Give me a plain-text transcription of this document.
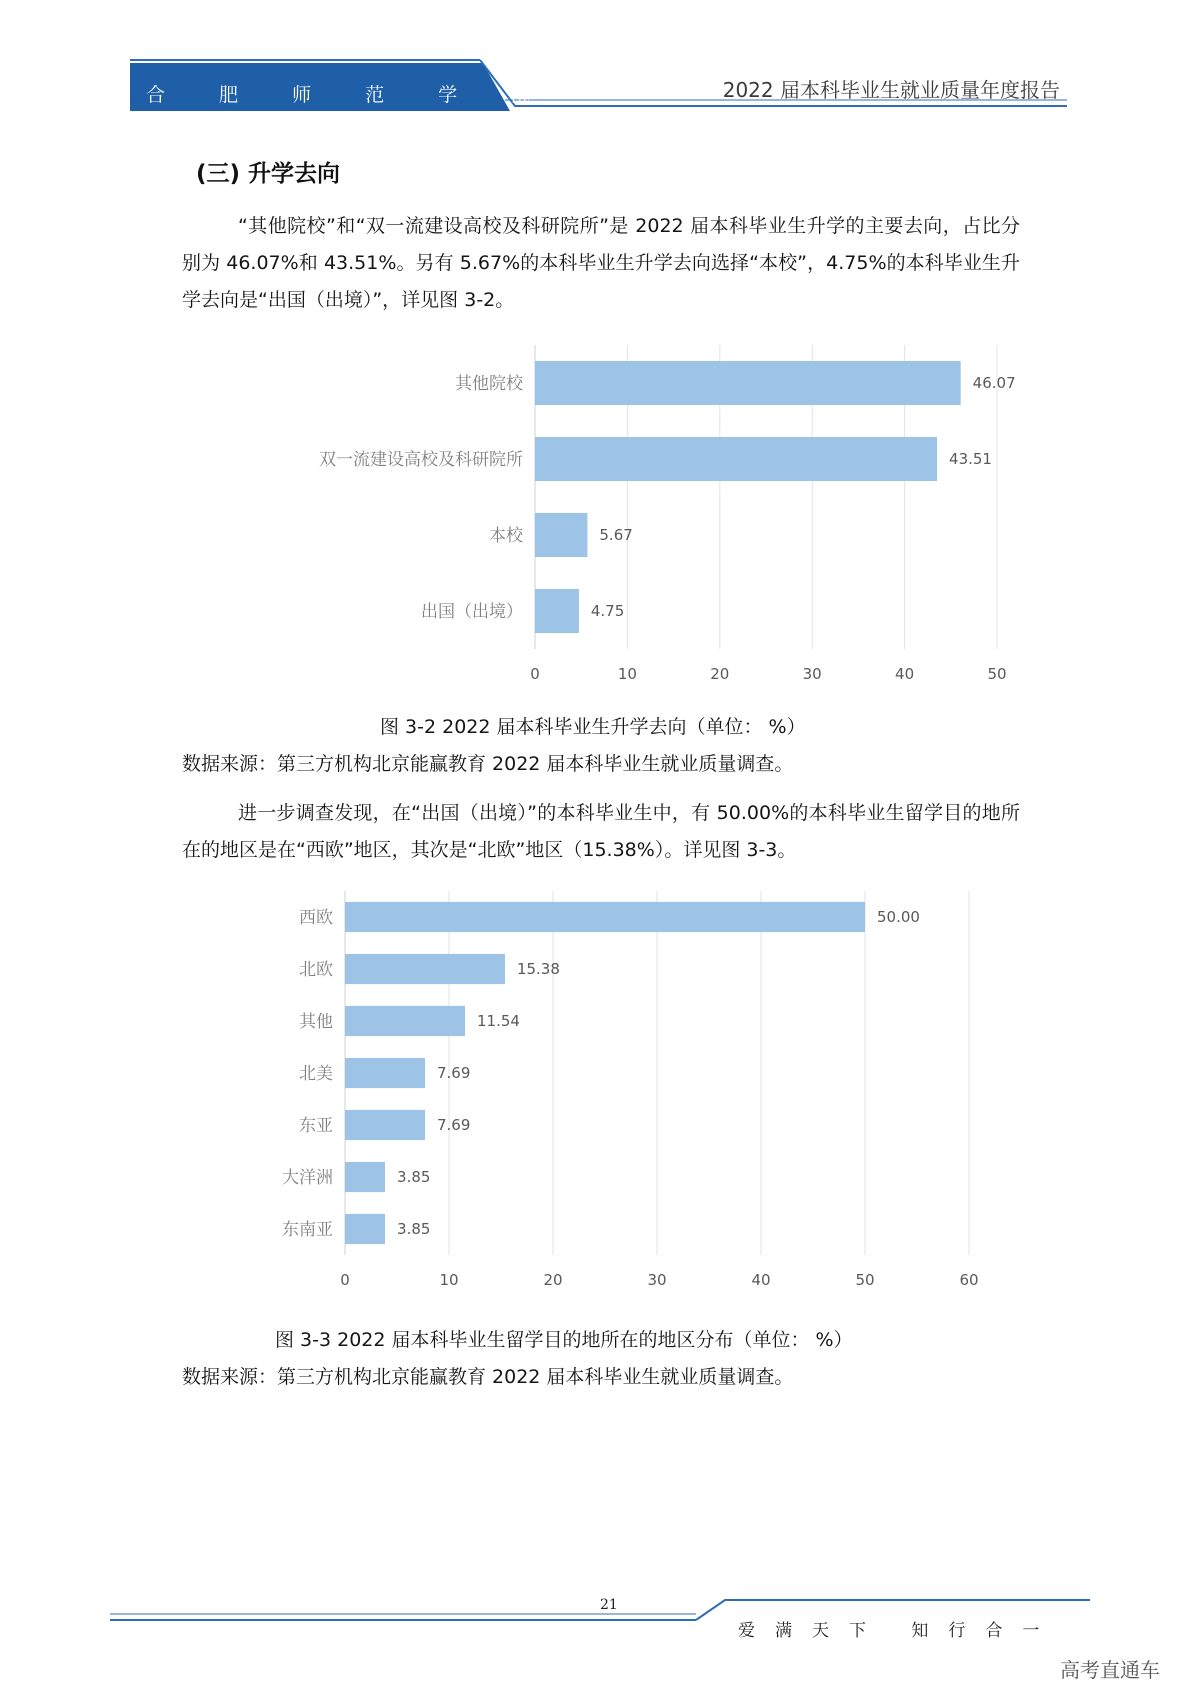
合 肥 师 范 学 院	2022 届本科毕业生就业质量年度报告
(三) 升学去向
“其他院校”和“双一流建设高校及科研院所”是 2022 届本科毕业生升学的主要去向，占比分别为 46.07%和 43.51%。另有 5.67%的本科毕业生升学去向选择“本校”，4.75%的本科毕业生升学去向是“出国（出境）”，详见图 3-2。
0	10	20	30	40	50
其他院校	46.07
双一流建设高校及科研院所	43.51
本校	5.67
出国（出境）	4.75
图 3-2 2022 届本科毕业生升学去向（单位： %）
数据来源：第三方机构北京能赢教育 2022 届本科毕业生就业质量调查。
进一步调查发现，在“出国（出境）”的本科毕业生中，有 50.00%的本科毕业生留学目的地所在的地区是在“西欧”地区，其次是“北欧”地区（15.38%）。详见图 3-3。
0	10	20	30	40	50	60
西欧	50.00
北欧	15.38
其他	11.54
北美	7.69
东亚	7.69
大洋洲	3.85
东南亚	3.85
图 3-3 2022 届本科毕业生留学目的地所在的地区分布（单位： %）
数据来源：第三方机构北京能赢教育 2022 届本科毕业生就业质量调查。
21
爱满天下 知行合一
高考直通车
